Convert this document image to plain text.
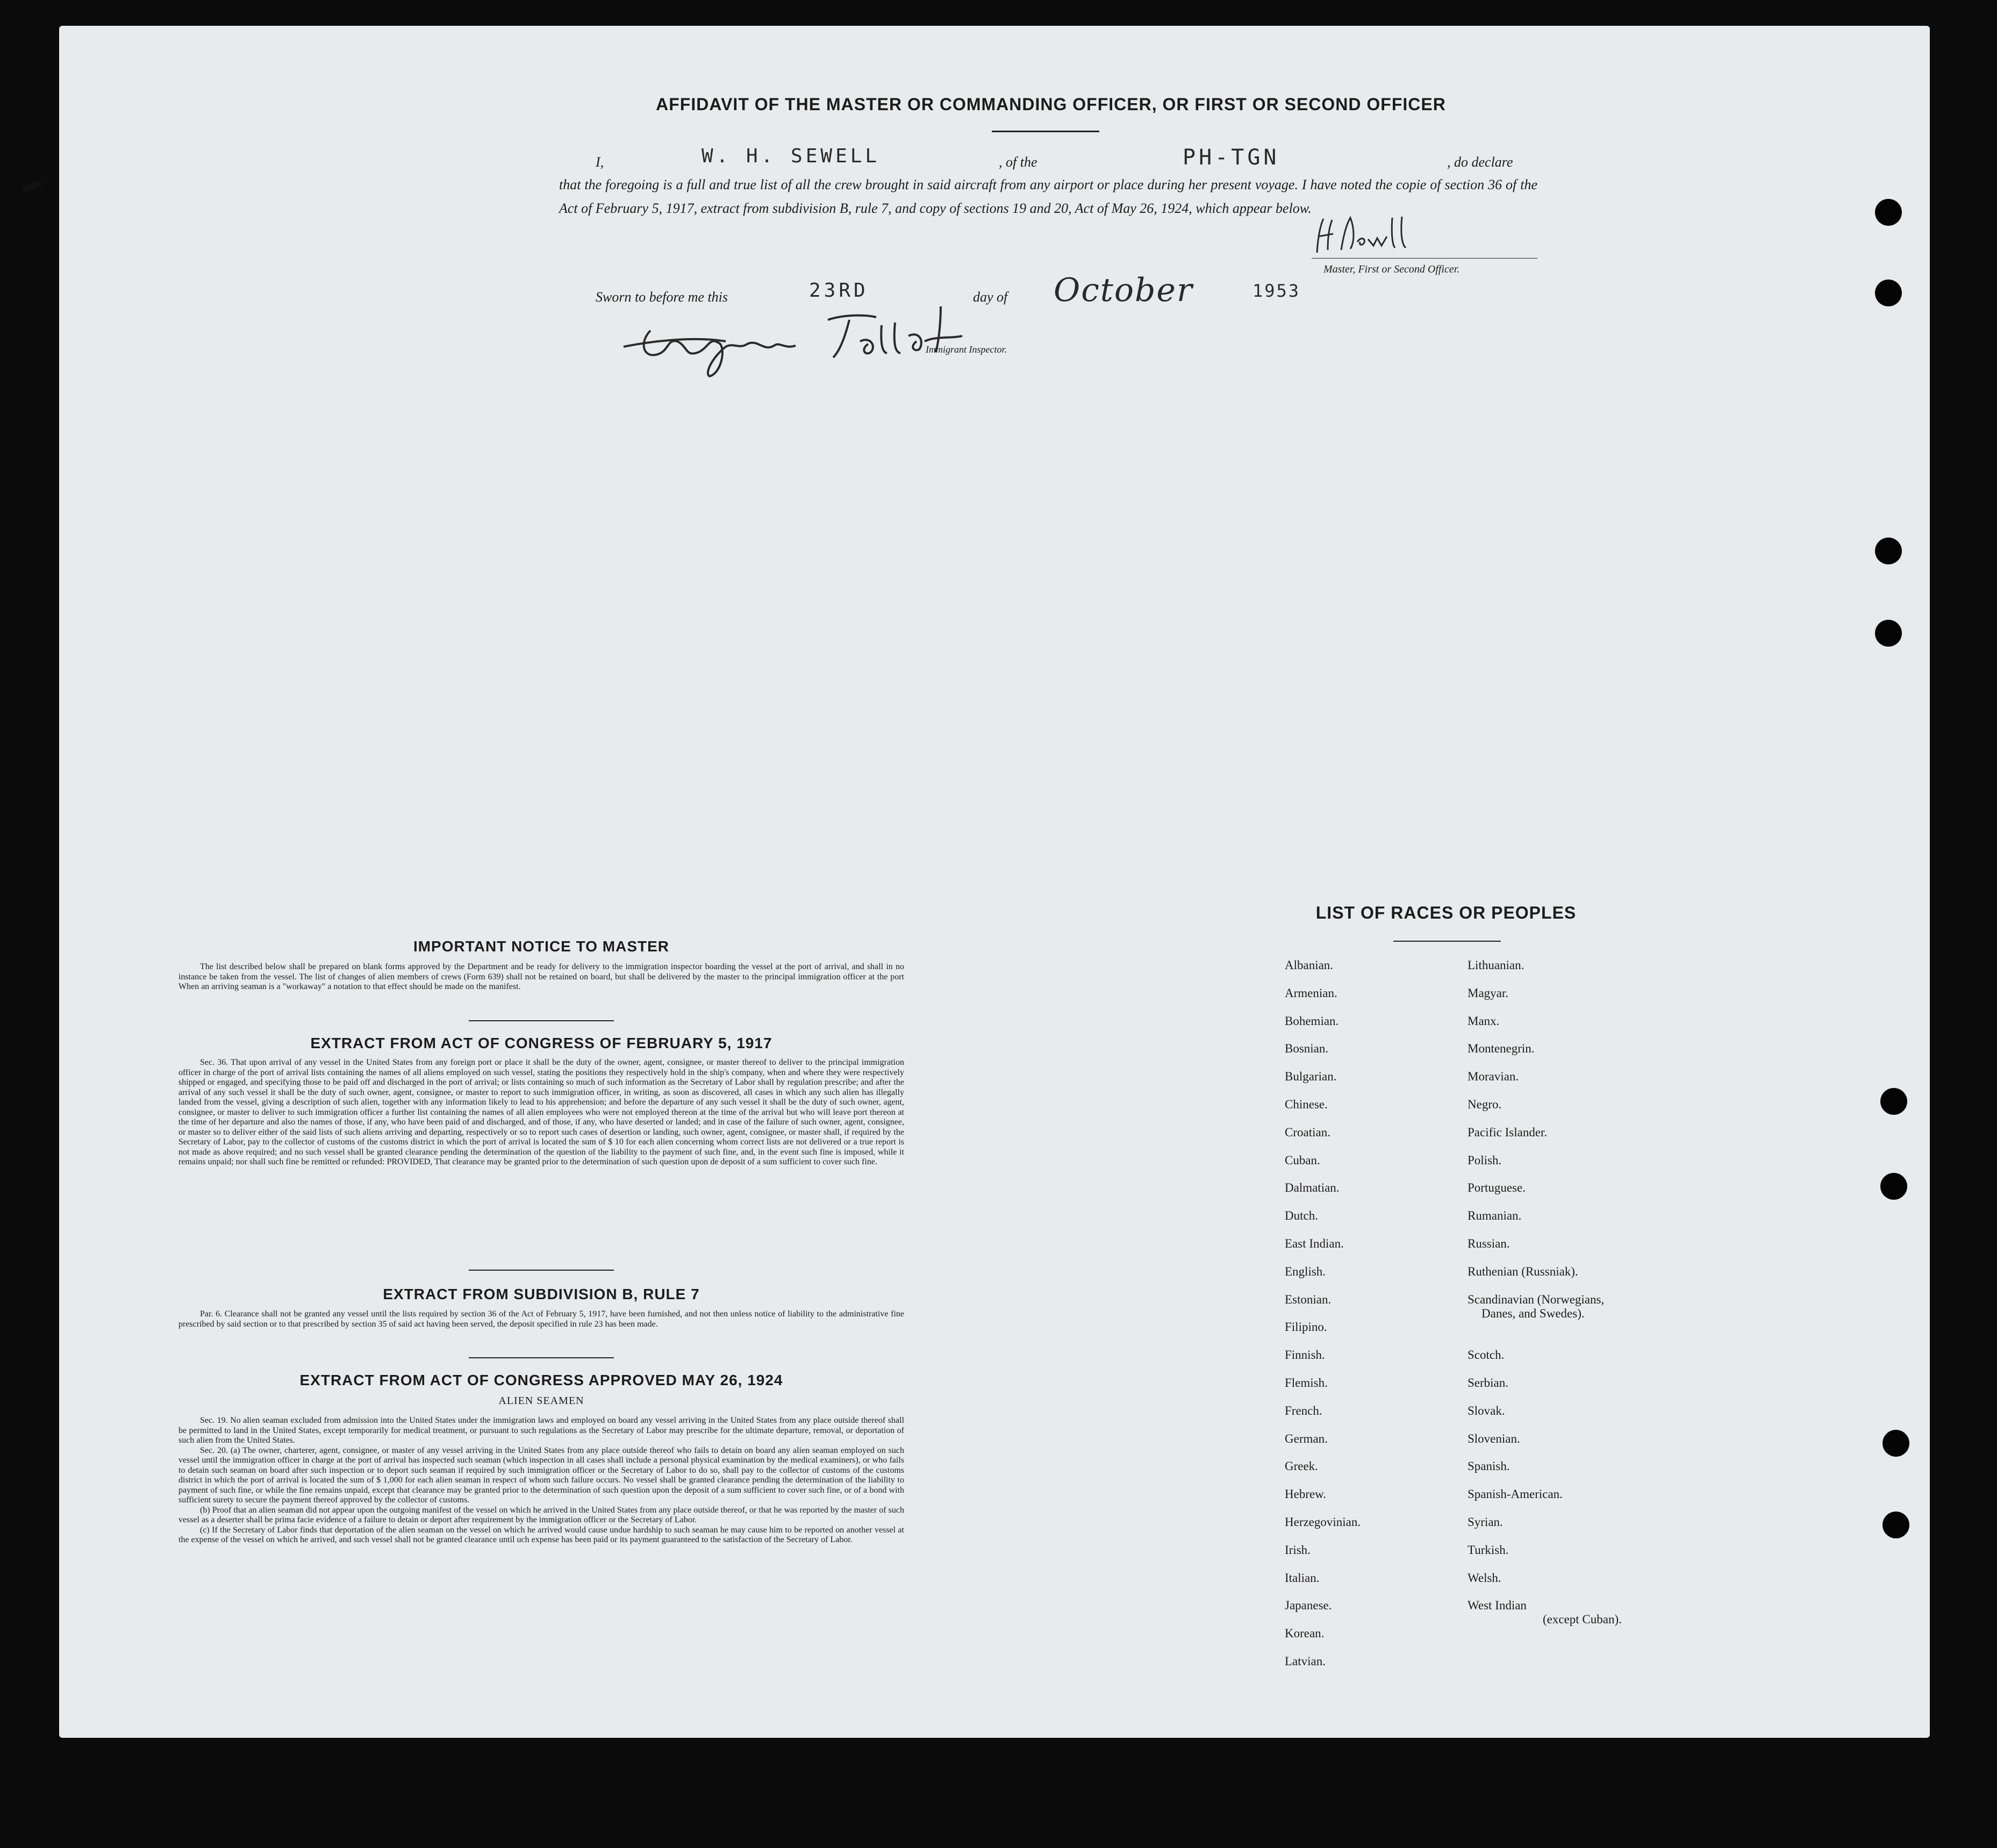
AFFIDAVIT OF THE MASTER OR COMMANDING OFFICER, OR FIRST OR SECOND OFFICER
I,	W. H. SEWELL	, of the	PH-TGN	, do declare
that the foregoing is a full and true list of all the crew brought in said aircraft from any airport or place during her present voyage. I have noted the copie of section 36 of the Act of February 5, 1917, extract from subdivision B, rule 7, and copy of sections 19 and 20, Act of May 26, 1924, which appear below.
Master, First or Second Officer.
Sworn to before me this	23RD	day of October	1953
Immigrant Inspector.
IMPORTANT NOTICE TO MASTER

The list described below shall be prepared on blank forms approved by the Department and be ready for delivery to the immigration inspector boarding the vessel at the port of arrival, and shall in no instance be taken from the vessel. The list of changes of alien members of crews (Form 639) shall not be retained on board, but shall be delivered by the master to the principal immigration officer at the port When an arriving seaman is a "workaway" a notation to that effect should be made on the manifest.

EXTRACT FROM ACT OF CONGRESS OF FEBRUARY 5, 1917

Sec. 36. That upon arrival of any vessel in the United States from any foreign port or place it shall be the duty of the owner, agent, consignee, or master thereof to deliver to the principal immigration officer in charge of the port of arrival lists containing the names of all aliens employed on such vessel, stating the positions they respectively hold in the ship's company, when and where they were respectively shipped or engaged, and specifying those to be paid off and discharged in the port of arrival; or lists containing so much of such information as the Secretary of Labor shall by regulation prescribe; and after the arrival of any such vessel it shall be the duty of such owner, agent, consignee, or master to report to such immigration officer, in writing, as soon as discovered, all cases in which any such alien has illegally landed from the vessel, giving a description of such alien, together with any information likely to lead to his apprehension; and before the departure of any such vessel it shall be the duty of such owner, agent, consignee, or master to deliver to such immigration officer a further list containing the names of all alien employees who were not employed thereon at the time of the arrival but who will leave port thereon at the time of her departure and also the names of those, if any, who have been paid of and discharged, and of those, if any, who have deserted or landed; and in case of the failure of such owner, agent, consignee, or master so to deliver either of the said lists of such aliens arriving and departing, respectively or so to report such cases of desertion or landing, such owner, agent, consignee, or master shall, if required by the Secretary of Labor, pay to the collector of customs of the customs district in which the port of arrival is located the sum of $ 10 for each alien concerning whom correct lists are not delivered or a true report is not made as above required; and no such vessel shall be granted clearance pending the determination of the question of the liability to the payment of such fine, and, in the event such fine is imposed, while it remains unpaid; nor shall such fine be remitted or refunded: PROVIDED, That clearance may be granted prior to the determination of such question upon de deposit of a sum sufficient to cover such fine.

EXTRACT FROM SUBDIVISION B, RULE 7

Par. 6. Clearance shall not be granted any vessel until the lists required by section 36 of the Act of February 5, 1917, have been furnished, and not then unless notice of liability to the administrative fine prescribed by said section or to that prescribed by section 35 of said act having been served, the deposit specified in rule 23 has been made.

EXTRACT FROM ACT OF CONGRESS APPROVED MAY 26, 1924
ALIEN SEAMEN

Sec. 19. No alien seaman excluded from admission into the United States under the immigration laws and employed on board any vessel arriving in the United States from any place outside thereof shall be permitted to land in the United States, except temporarily for medical treatment, or pursuant to such regulations as the Secretary of Labor may prescribe for the ultimate departure, removal, or deportation of such alien from the United States.

Sec. 20. (a) The owner, charterer, agent, consignee, or master of any vessel arriving in the United States from any place outside thereof who fails to detain on board any alien seaman employed on such vessel until the immigration officer in charge at the port of arrival has inspected such seaman (which inspection in all cases shall include a personal physical examination by the medical examiners), or who fails to detain such seaman on board after such inspection or to deport such seaman if required by such immigration officer or the Secretary of Labor to do so, shall pay to the collector of customs of the customs district in which the port of arrival is located the sum of $ 1,000 for each alien seaman in respect of whom such failure occurs. No vessel shall be granted clearance pending the determination of the liability to payment of such fine, or while the fine remains unpaid, except that clearance may be granted prior to the determination of such question upon the deposit of a sum sufficient to cover such fine, or of a bond with sufficient surety to secure the payment thereof approved by the collector of customs.

(b) Proof that an alien seaman did not appear upon the outgoing manifest of the vessel on which he arrived in the United States from any place outside thereof, or that he was reported by the master of such vessel as a deserter shall be prima facie evidence of a failure to detain or deport after requirement by the immigration officer or the Secretary of Labor.

(c) If the Secretary of Labor finds that deportation of the alien seaman on the vessel on which he arrived would cause undue hardship to such seaman he may cause him to be reported on another vessel at the expense of the vessel on which he arrived, and such vessel shall not be granted clearance until uch expense has been paid or its payment guaranteed to the satisfaction of the Secretary of Labor.

LIST OF RACES OR PEOPLES
Albanian.
Armenian.
Bohemian.
Bosnian.
Bulgarian.
Chinese.
Croatian.
Cuban.
Dalmatian.
Dutch.
East Indian.
English.
Estonian.
Filipino.
Finnish.
Flemish.
French.
German.
Greek.
Hebrew.
Herzegovinian.
Irish.
Italian.
Japanese.
Korean.
Latvian.
Lithuanian.
Magyar.
Manx.
Montenegrin.
Moravian.
Negro.
Pacific Islander.
Polish.
Portuguese.
Rumanian.
Russian.
Ruthenian (Russniak).
Scandinavian (Norwegians,
Danes, and Swedes).
Scotch.
Serbian.
Slovak.
Slovenian.
Spanish.
Spanish-American.
Syrian.
Turkish.
Welsh.
West Indian
(except Cuban).
